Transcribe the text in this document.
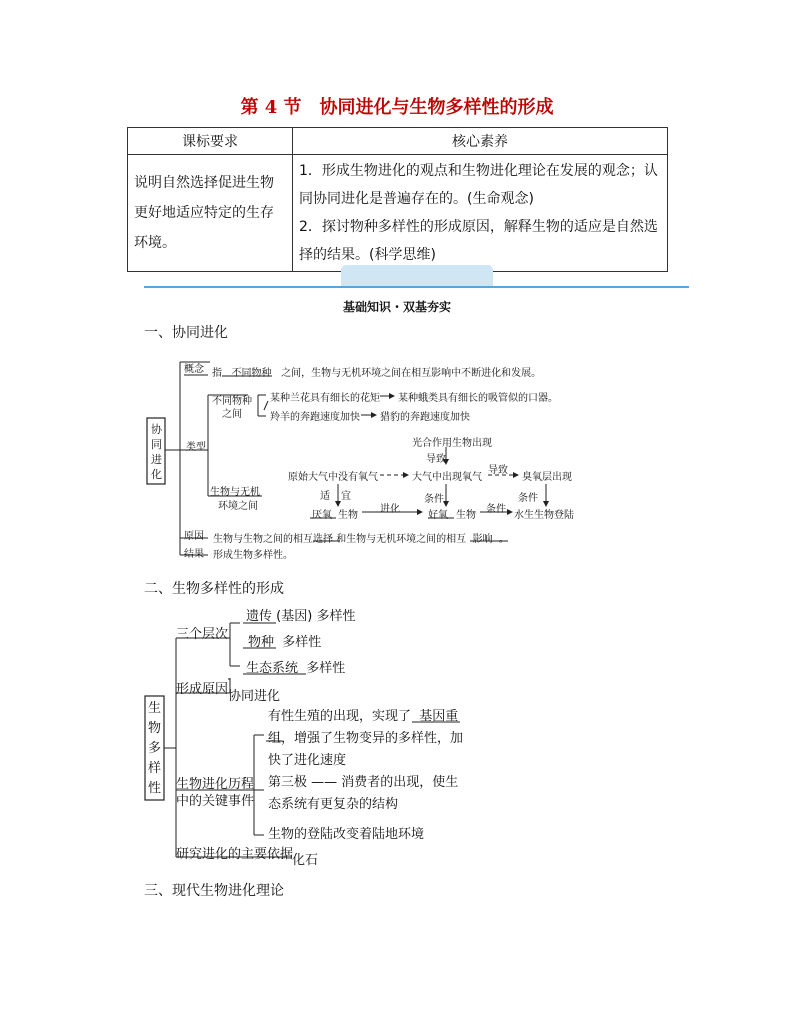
第 4 节　协同进化与生物多样性的形成
课标要求	核心素养
说明自然选择促进生物更好地适应特定的生存环境。	1．形成生物进化的观点和生物进化理论在发展的观念；认同协同进化是普遍存在的。(生命观念)
2．探讨物种多样性的形成原因，解释生物的适应是自然选择的结果。(科学思维)
基础知识・双基夯实
一、协同进化
概念
协同进化
指 不同物种 之间，生物与无机环境之间在相互影响中不断进化和发展。
类型
不同物种
之间
某种兰花具有细长的花矩 某种蛾类具有细长的吸管似的口器。
羚羊的奔跑速度加快 猎豹的奔跑速度加快
生物与无机
环境之间
光合作用生物出现
导致
导致
原始大气中没有氧气	大气中出现氧气	臭氧层出现
适 宜
厌氧 生物
进化
好氧 生物
条件
条件
条件
水生生物登陆
原因 生物与生物之间的相互选择 和生物与无机环境之间的相互 影响 。
结果 形成生物多样性。
二、生物多样性的形成
生
物
多
样
性
三个层次
遗传 (基因) 多样性
物种 多样性
生态系统 多样性
形成原因 协同进化
生物进化历程
中的关键事件
有性生殖的出现，实现了 基因重
组，增强了生物变异的多样性，加
快了进化速度
第三极 —— 消费者的出现，使生
态系统有更复杂的结构
生物的登陆改变着陆地环境
研究进化的主要依据
化石
三、现代生物进化理论
